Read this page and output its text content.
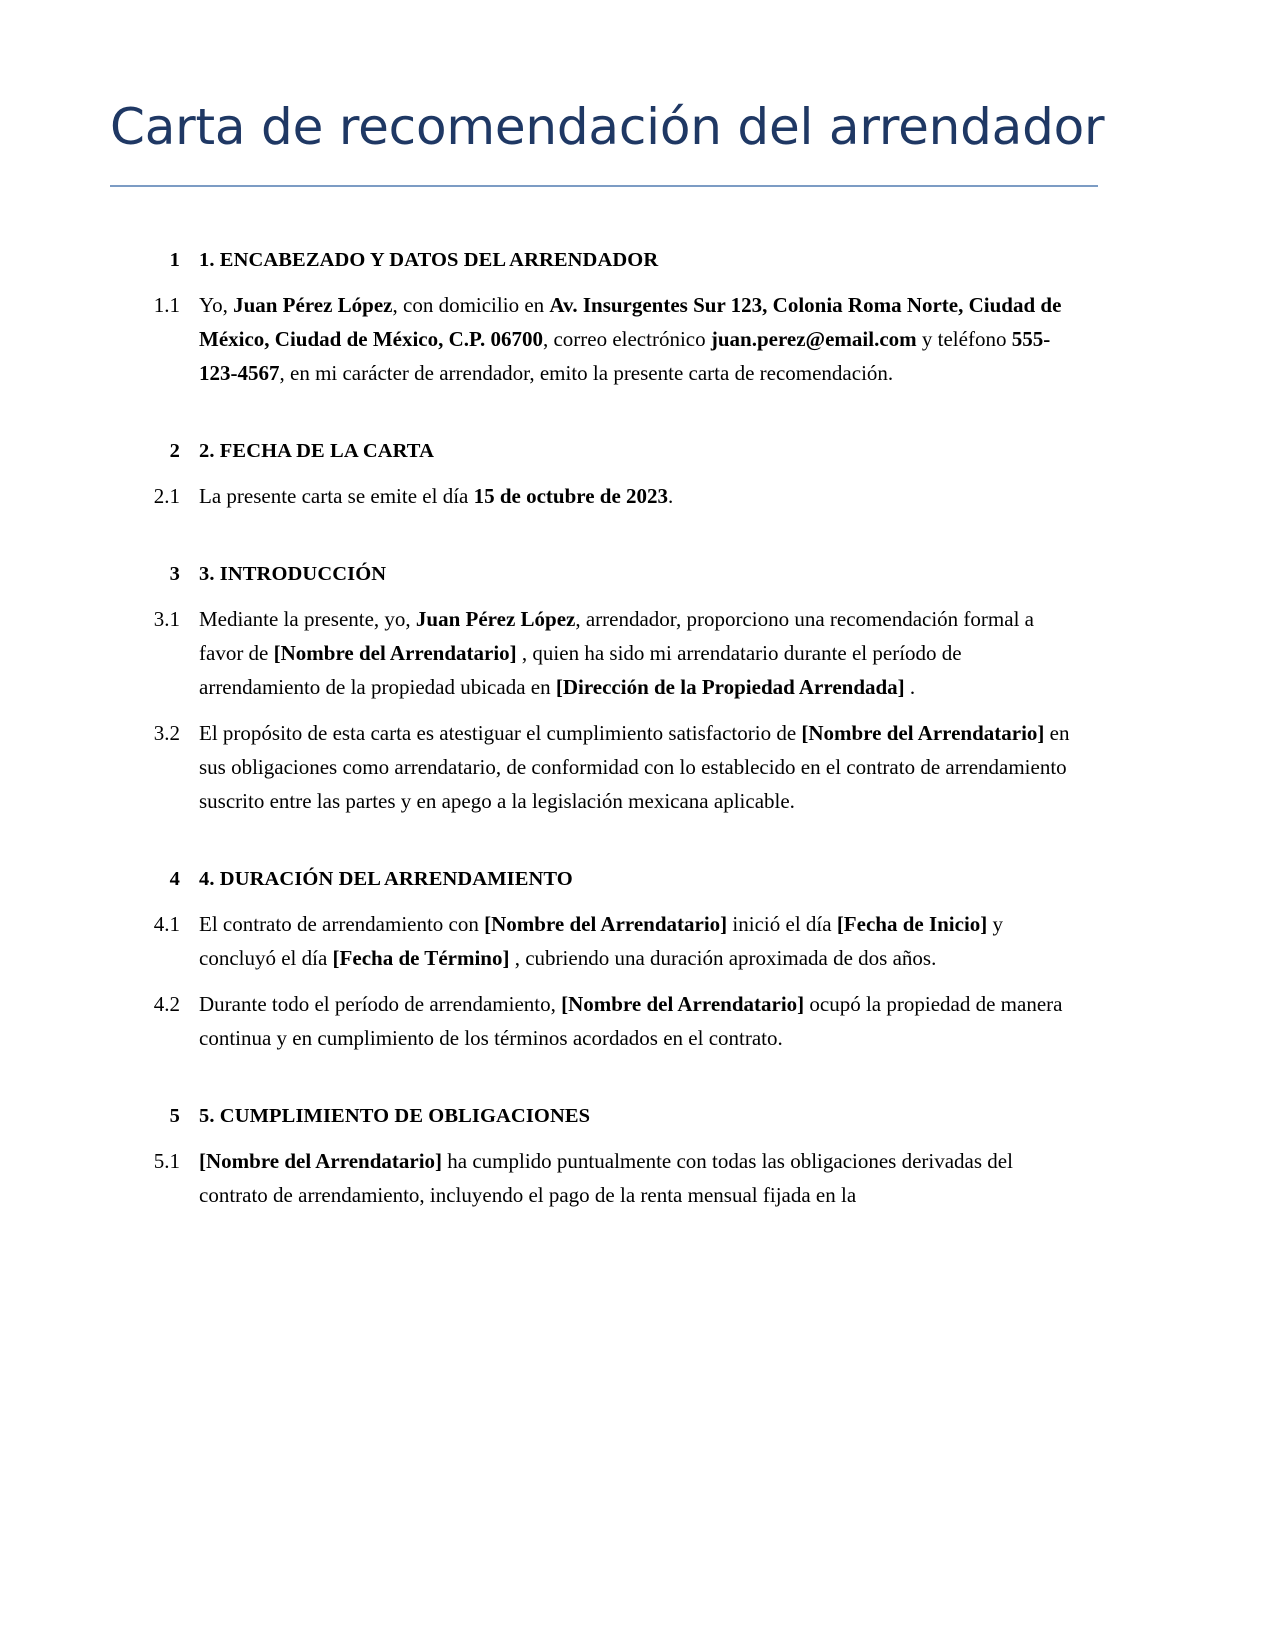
Carta de recomendación del arrendador
1 1. ENCABEZADO Y DATOS DEL ARRENDADOR
1.1 Yo, Juan Pérez López, con domicilio en Av. Insurgentes Sur 123, Colonia Roma Norte, Ciudad de México, Ciudad de México, C.P. 06700, correo electrónico juan.perez@email.com y teléfono 555-123-4567, en mi carácter de arrendador, emito la presente carta de recomendación.
2 2. FECHA DE LA CARTA
2.1 La presente carta se emite el día 15 de octubre de 2023.
3 3. INTRODUCCIÓN
3.1 Mediante la presente, yo, Juan Pérez López, arrendador, proporciono una recomendación formal a favor de [Nombre del Arrendatario] , quien ha sido mi arrendatario durante el período de arrendamiento de la propiedad ubicada en [Dirección de la Propiedad Arrendada] .
3.2 El propósito de esta carta es atestiguar el cumplimiento satisfactorio de [Nombre del Arrendatario] en sus obligaciones como arrendatario, de conformidad con lo establecido en el contrato de arrendamiento suscrito entre las partes y en apego a la legislación mexicana aplicable.
4 4. DURACIÓN DEL ARRENDAMIENTO
4.1 El contrato de arrendamiento con [Nombre del Arrendatario] inició el día [Fecha de Inicio] y concluyó el día [Fecha de Término] , cubriendo una duración aproximada de dos años.
4.2 Durante todo el período de arrendamiento, [Nombre del Arrendatario] ocupó la propiedad de manera continua y en cumplimiento de los términos acordados en el contrato.
5 5. CUMPLIMIENTO DE OBLIGACIONES
5.1 [Nombre del Arrendatario] ha cumplido puntualmente con todas las obligaciones derivadas del contrato de arrendamiento, incluyendo el pago de la renta mensual fijada en la
